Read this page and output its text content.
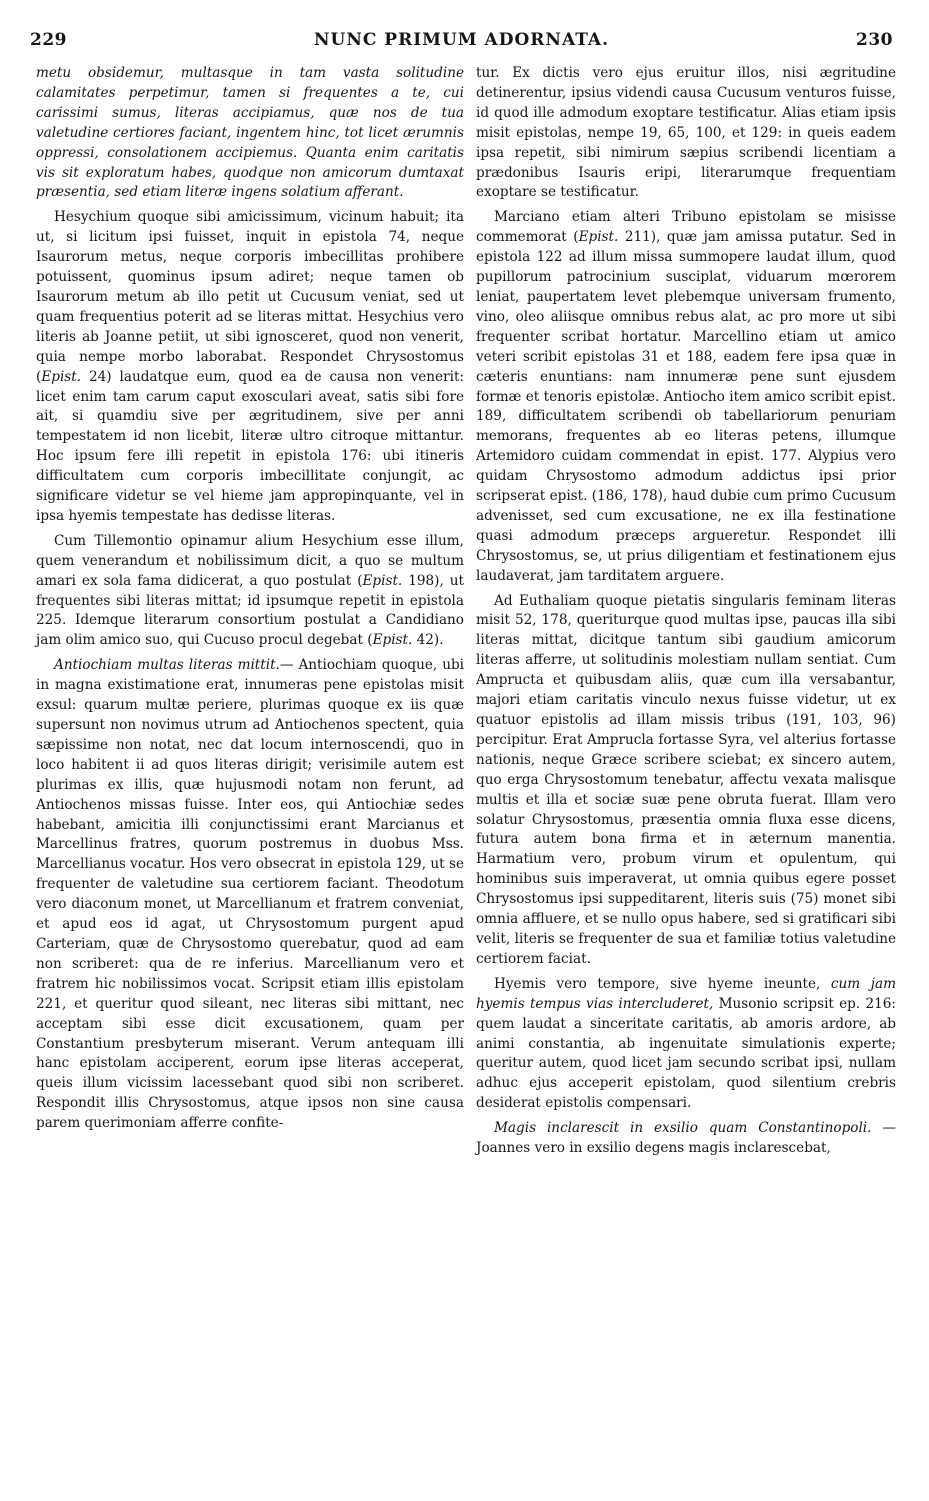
229	NUNC PRIMUM ADORNATA.	230

metu obsidemur, multasque in tam vasta solitudine calamitates perpetimur, tamen si frequentes a te, cui carissimi sumus, literas accipiamus, quæ nos de tua valetudine certiores faciant, ingentem hinc, tot licet ærumnis oppressi, consolationem accipiemus. Quanta enim caritatis vis sit exploratum habes, quodque non amicorum dumtaxat præsentia, sed etiam literæ ingens solatium afferant.

Hesychium quoque sibi amicissimum, vicinum habuit; ita ut, si licitum ipsi fuisset, inquit in epistola 74, neque Isaurorum metus, neque corporis imbecillitas prohibere potuissent, quominus ipsum adiret; neque tamen ob Isaurorum metum ab illo petit ut Cucusum veniat, sed ut quam frequentius poterit ad se literas mittat. Hesychius vero literis ab Joanne petiit, ut sibi ignosceret, quod non venerit, quia nempe morbo laborabat. Respondet Chrysostomus (Epist. 24) laudatque eum, quod ea de causa non venerit: licet enim tam carum caput exosculari aveat, satis sibi fore ait, si quamdiu sive per ægritudinem, sive per anni tempestatem id non licebit, literæ ultro citroque mittantur. Hoc ipsum fere illi repetit in epistola 176: ubi itineris difficultatem cum corporis imbecillitate conjungit, ac significare videtur se vel hieme jam appropinquante, vel in ipsa hyemis tempestate has dedisse literas.

Cum Tillemontio opinamur alium Hesychium esse illum, quem venerandum et nobilissimum dicit, a quo se multum amari ex sola fama didicerat, a quo postulat (Epist. 198), ut frequentes sibi literas mittat; id ipsumque repetit in epistola 225. Idemque literarum consortium postulat a Candidiano jam olim amico suo, qui Cucuso procul degebat (Epist. 42).

Antiochiam multas literas mittit.— Antiochiam quoque, ubi in magna existimatione erat, innumeras pene epistolas misit exsul: quarum multæ periere, plurimas quoque ex iis quæ supersunt non novimus utrum ad Antiochenos spectent, quia sæpissime non notat, nec dat locum internoscendi, quo in loco habitent ii ad quos literas dirigit; verisimile autem est plurimas ex illis, quæ hujusmodi notam non ferunt, ad Antiochenos missas fuisse. Inter eos, qui Antiochiæ sedes habebant, amicitia illi conjunctissimi erant Marcianus et Marcellinus fratres, quorum postremus in duobus Mss. Marcellianus vocatur. Hos vero obsecrat in epistola 129, ut se frequenter de valetudine sua certiorem faciant. Theodotum vero diaconum monet, ut Marcellianum et fratrem conveniat, et apud eos id agat, ut Chrysostomum purgent apud Carteriam, quæ de Chrysostomo querebatur, quod ad eam non scriberet: qua de re inferius. Marcellianum vero et fratrem hic nobilissimos vocat. Scripsit etiam illis epistolam 221, et queritur quod sileant, nec literas sibi mittant, nec acceptam sibi esse dicit excusationem, quam per Constantium presbyterum miserant. Verum antequam illi hanc epistolam acciperent, eorum ipse literas acceperat, queis illum vicissim lacessebant quod sibi non scriberet. Respondit illis Chrysostomus, atque ipsos non sine causa parem querimoniam afferre confite-

tur. Ex dictis vero ejus eruitur illos, nisi ægritudine detinerentur, ipsius videndi causa Cucusum venturos fuisse, id quod ille admodum exoptare testificatur. Alias etiam ipsis misit epistolas, nempe 19, 65, 100, et 129: in queis eadem ipsa repetit, sibi nimirum sæpius scribendi licentiam a prædonibus Isauris eripi, literarumque frequentiam exoptare se testificatur.

Marciano etiam alteri Tribuno epistolam se misisse commemorat (Epist. 211), quæ jam amissa putatur. Sed in epistola 122 ad illum missa summopere laudat illum, quod pupillorum patrocinium susciplat, viduarum mœrorem leniat, paupertatem levet plebemque universam frumento, vino, oleo aliisque omnibus rebus alat, ac pro more ut sibi frequenter scribat hortatur. Marcellino etiam ut amico veteri scribit epistolas 31 et 188, eadem fere ipsa quæ in cæteris enuntians: nam innumeræ pene sunt ejusdem formæ et tenoris epistolæ. Antiocho item amico scribit epist. 189, difficultatem scribendi ob tabellariorum penuriam memorans, frequentes ab eo literas petens, illumque Artemidoro cuidam commendat in epist. 177. Alypius vero quidam Chrysostomo admodum addictus ipsi prior scripserat epist. (186, 178), haud dubie cum primo Cucusum advenisset, sed cum excusatione, ne ex illa festinatione quasi admodum præceps argueretur. Respondet illi Chrysostomus, se, ut prius diligentiam et festinationem ejus laudaverat, jam tarditatem arguere.

Ad Euthaliam quoque pietatis singularis feminam literas misit 52, 178, queriturque quod multas ipse, paucas illa sibi literas mittat, dicitque tantum sibi gaudium amicorum literas afferre, ut solitudinis molestiam nullam sentiat. Cum Ampructa et quibusdam aliis, quæ cum illa versabantur, majori etiam caritatis vinculo nexus fuisse videtur, ut ex quatuor epistolis ad illam missis tribus (191, 103, 96) percipitur. Erat Amprucla fortasse Syra, vel alterius fortasse nationis, neque Græce scribere sciebat; ex sincero autem, quo erga Chrysostomum tenebatur, affectu vexata malisque multis et illa et sociæ suæ pene obruta fuerat. Illam vero solatur Chrysostomus, præsentia omnia fluxa esse dicens, futura autem bona firma et in æternum manentia. Harmatium vero, probum virum et opulentum, qui hominibus suis imperaverat, ut omnia quibus egere posset Chrysostomus ipsi suppeditarent, literis suis (75) monet sibi omnia affluere, et se nullo opus habere, sed si gratificari sibi velit, literis se frequenter de sua et familiæ totius valetudine certiorem faciat.

Hyemis vero tempore, sive hyeme ineunte, cum jam hyemis tempus vias intercluderet, Musonio scripsit ep. 216: quem laudat a sinceritate caritatis, ab amoris ardore, ab animi constantia, ab ingenuitate simulationis experte; queritur autem, quod licet jam secundo scribat ipsi, nullam adhuc ejus acceperit epistolam, quod silentium crebris desiderat epistolis compensari.

Magis inclarescit in exsilio quam Constantinopoli. — Joannes vero in exsilio degens magis inclarescebat,
